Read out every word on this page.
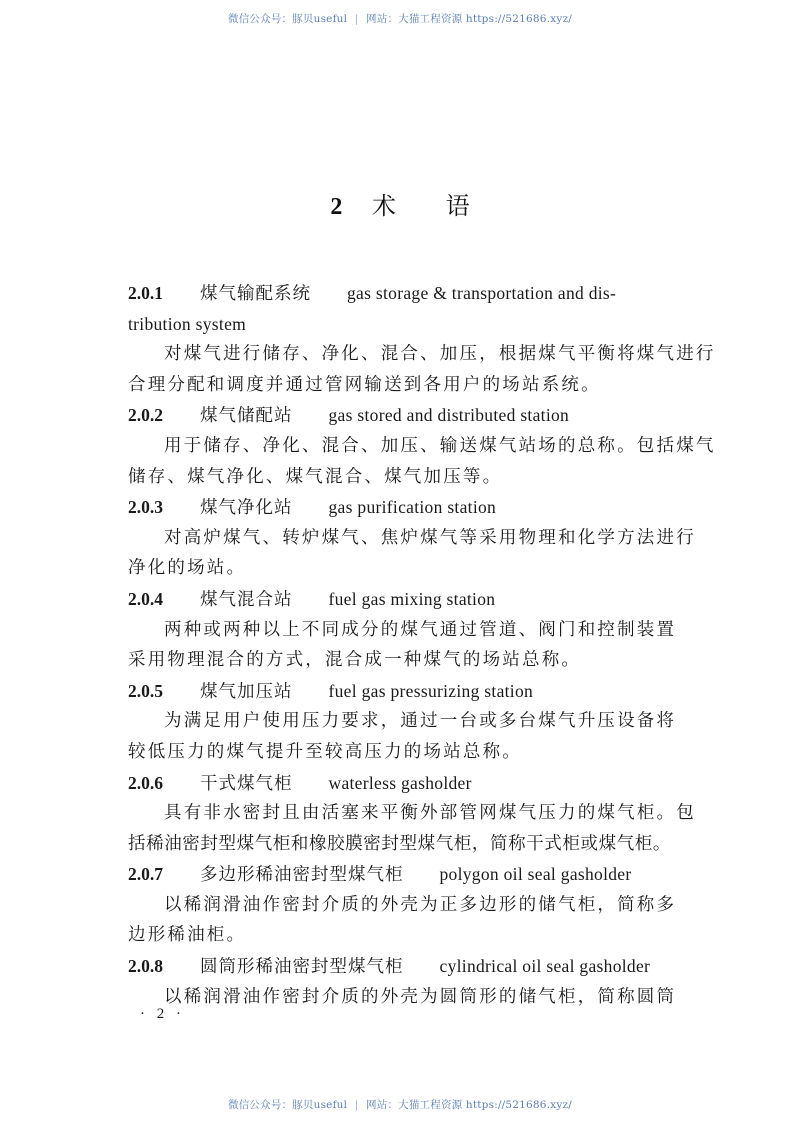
微信公众号：豚贝useful | 网站：大猫工程资源 https://521686.xyz/
2 术 语
2.0.1 煤气输配系统 gas storage & transportation and dis-
tribution system
对煤气进行储存、净化、混合、加压，根据煤气平衡将煤气进行
合理分配和调度并通过管网输送到各用户的场站系统。
2.0.2 煤气储配站 gas stored and distributed station
用于储存、净化、混合、加压、输送煤气站场的总称。包括煤气
储存、煤气净化、煤气混合、煤气加压等。
2.0.3 煤气净化站 gas purification station
对高炉煤气、转炉煤气、焦炉煤气等采用物理和化学方法进行
净化的场站。
2.0.4 煤气混合站 fuel gas mixing station
两种或两种以上不同成分的煤气通过管道、阀门和控制装置
采用物理混合的方式，混合成一种煤气的场站总称。
2.0.5 煤气加压站 fuel gas pressurizing station
为满足用户使用压力要求，通过一台或多台煤气升压设备将
较低压力的煤气提升至较高压力的场站总称。
2.0.6 干式煤气柜 waterless gasholder
具有非水密封且由活塞来平衡外部管网煤气压力的煤气柜。包
括稀油密封型煤气柜和橡胶膜密封型煤气柜，简称干式柜或煤气柜。
2.0.7 多边形稀油密封型煤气柜 polygon oil seal gasholder
以稀润滑油作密封介质的外壳为正多边形的储气柜，简称多
边形稀油柜。
2.0.8 圆筒形稀油密封型煤气柜 cylindrical oil seal gasholder
以稀润滑油作密封介质的外壳为圆筒形的储气柜，简称圆筒
· 2 ·
微信公众号：豚贝useful | 网站：大猫工程资源 https://521686.xyz/
